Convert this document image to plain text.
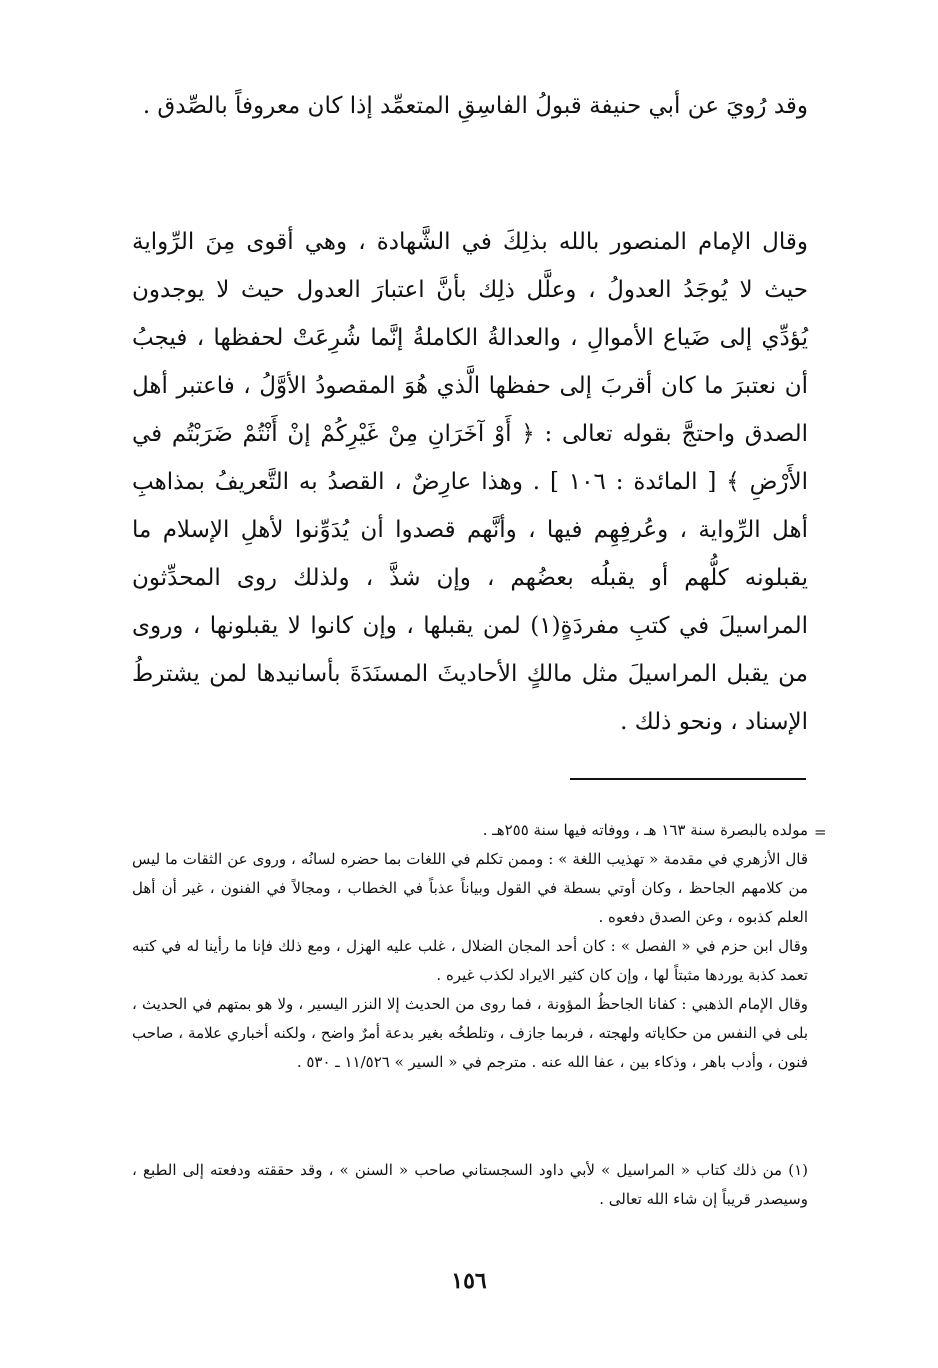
وقد رُويَ عن أبي حنيفة قبولُ الفاسِقِ المتعمِّد إذا كان معروفاً بالصِّدق .

وقال الإمام المنصور بالله بذلِكَ في الشَّهادة ، وهي أقوى مِنَ الرِّواية حيث لا يُوجَدُ العدولُ ، وعلَّل ذلِك بأنَّ اعتبارَ العدول حيث لا يوجدون يُؤدِّي إلى ضَياع الأموالِ ، والعدالةُ الكاملةُ إنَّما شُرِعَتْ لحفظها ، فيجبُ أن نعتبرَ ما كان أقربَ إلى حفظها الَّذي هُوَ المقصودُ الأوَّلُ ، فاعتبر أهل الصدق واحتجَّ بقوله تعالى : ﴿ أَوْ آخَرَانِ مِنْ غَيْرِكُمْ إنْ أَنْتُمْ ضَرَبْتُم في الأَرْضِ ﴾ [ المائدة : ١٠٦ ] . وهذا عارِضٌ ، القصدُ به التَّعريفُ بمذاهبِ أهل الرِّواية ، وعُرفِهِم فيها ، وأنَّهم قصدوا أن يُدَوِّنوا لأهلِ الإسلام ما يقبلونه كلُّهم أو يقبلُه بعضُهم ، وإن شذَّ ، ولذلك روى المحدِّثون المراسيلَ في كتبِ مفردَةٍ(١) لمن يقبلها ، وإن كانوا لا يقبلونها ، وروى من يقبل المراسيلَ مثل مالكٍ الأحاديثَ المسنَدَةَ بأسانيدها لمن يشترطُ الإسناد ، ونحو ذلك .

=

مولده بالبصرة سنة ١٦٣ هـ ، ووفاته فيها سنة ٢٥٥هـ .

قال الأزهري في مقدمة « تهذيب اللغة » : وممن تكلم في اللغات بما حضره لسانُه ، وروى عن الثقات ما ليس من كلامهم الجاحظ ، وكان أوتي بسطة في القول وبياناً عذباً في الخطاب ، ومجالاً في الفنون ، غير أن أهل العلم كذبوه ، وعن الصدق دفعوه .

وقال ابن حزم في « الفصل » : كان أحد المجان الضلال ، غلب عليه الهزل ، ومع ذلك فإنا ما رأينا له في كتبه تعمد كذبة يوردها مثبتاً لها ، وإن كان كثير الايراد لكذب غيره .

وقال الإمام الذهبي : كفانا الجاحظُ المؤونة ، فما روى من الحديث إلا النزر اليسير ، ولا هو بمتهم في الحديث ، بلى في النفس من حكاياته ولهجته ، فربما جازف ، وتلطخُه بغير بدعة أمرٌ واضح ، ولكنه أخباري علامة ، صاحب فنون ، وأدب باهر ، وذكاء بين ، عفا الله عنه . مترجم في « السير » ١١/٥٢٦ ـ ٥٣٠ .

(١) من ذلك كتاب « المراسيل » لأبي داود السجستاني صاحب « السنن » ، وقد حققته ودفعته إلى الطبع ، وسيصدر قريباً إن شاء الله تعالى .

١٥٦
